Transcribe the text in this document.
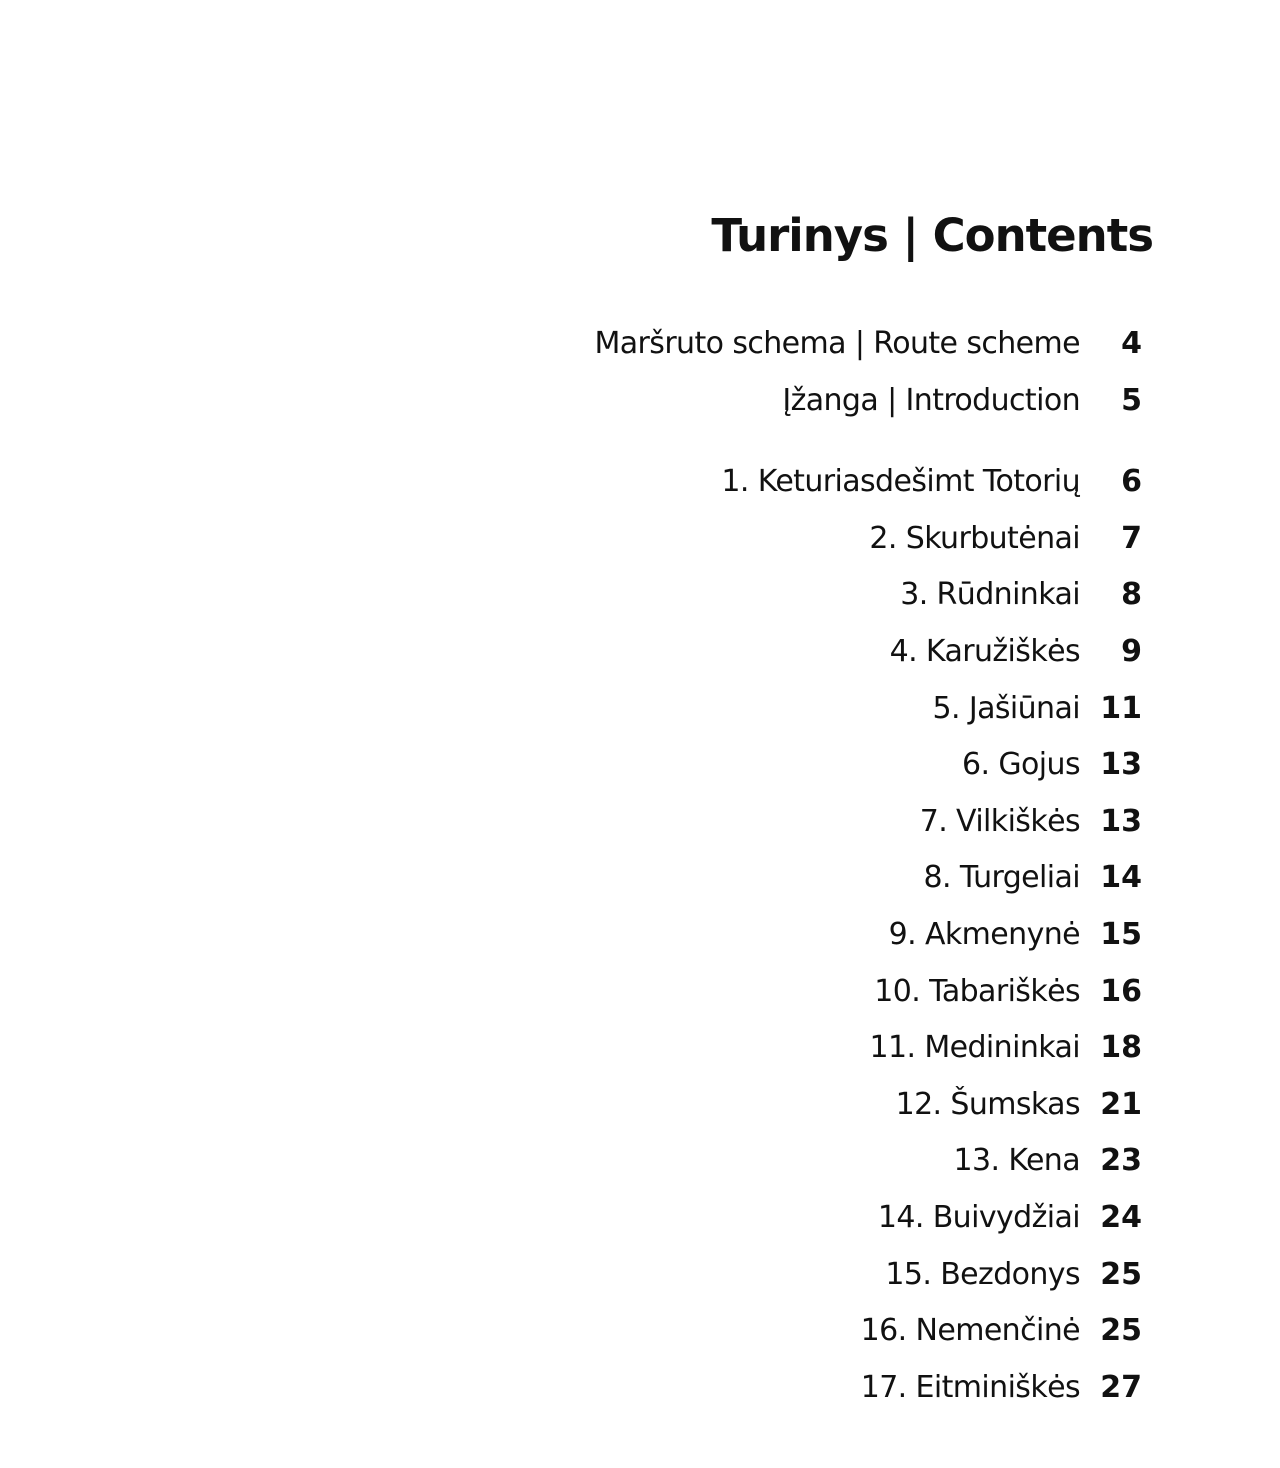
Turinys | Contents
Maršruto schema | Route scheme	4
Įžanga | Introduction	5
1. Keturiasdešimt Totorių	6
2. Skurbutėnai	7
3. Rūdninkai	8
4. Karužiškės	9
5. Jašiūnai 11
6. Gojus 13
7. Vilkiškės 13
8. Turgeliai 14
9. Akmenynė 15
10. Tabariškės 16
11. Medininkai 18
12. Šumskas 21
13. Kena 23
14. Buivydžiai 24
15. Bezdonys 25
16. Nemenčinė 25
17. Eitminiškės 27
